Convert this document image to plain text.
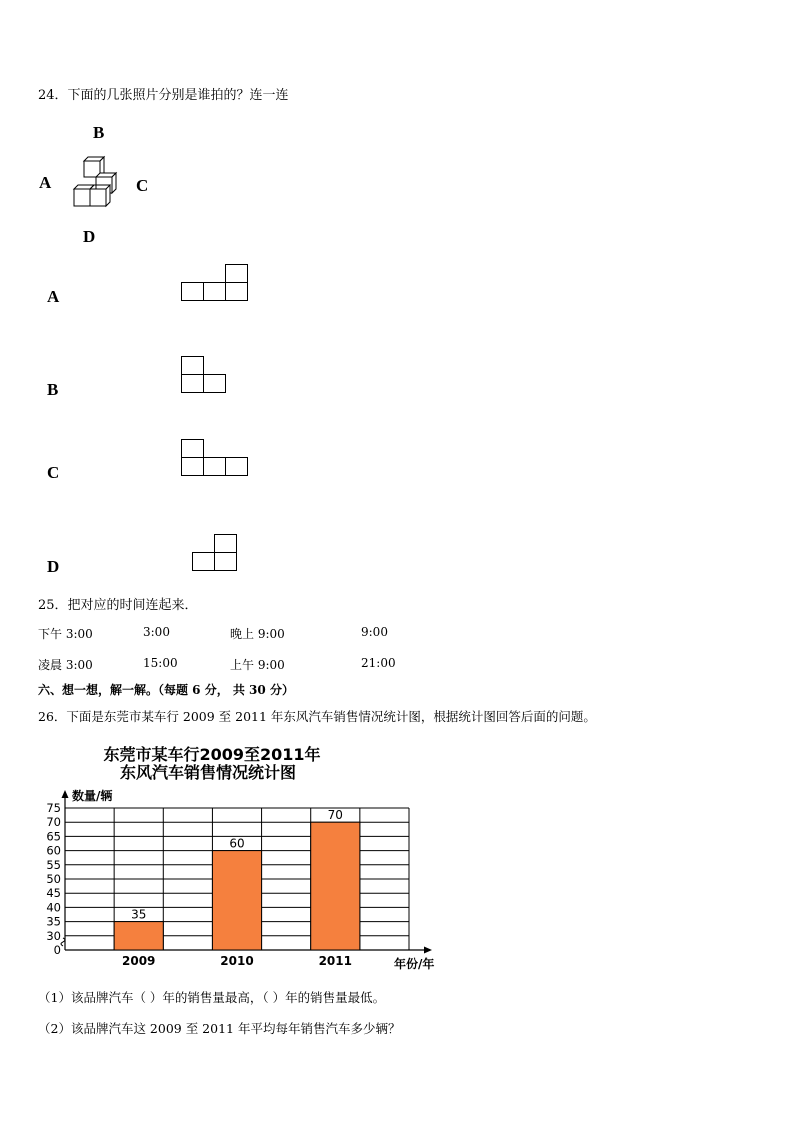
24．下面的几张照片分别是谁拍的？连一连
B
A	C
D
A
B
C
D
25．把对应的时间连起来．
下午 3:00	3:00	晚上 9:00	9:00
凌晨 3:00	15:00	上午 9:00	21:00
六、想一想，解一解。（每题 6 分， 共 30 分）
26．下面是东莞市某车行 2009 至 2011 年东风汽车销售情况统计图，根据统计图回答后面的问题。
东莞市某车行2009至2011年
东风汽车销售情况统计图
数量/辆
年份/年
35
60
70
75
70
65
60
55
50
45
40
35
30
0
2009	2010	2011
（1）该品牌汽车（ ）年的销售量最高，（ ）年的销售量最低。
（2）该品牌汽车这 2009 至 2011 年平均每年销售汽车多少辆？
